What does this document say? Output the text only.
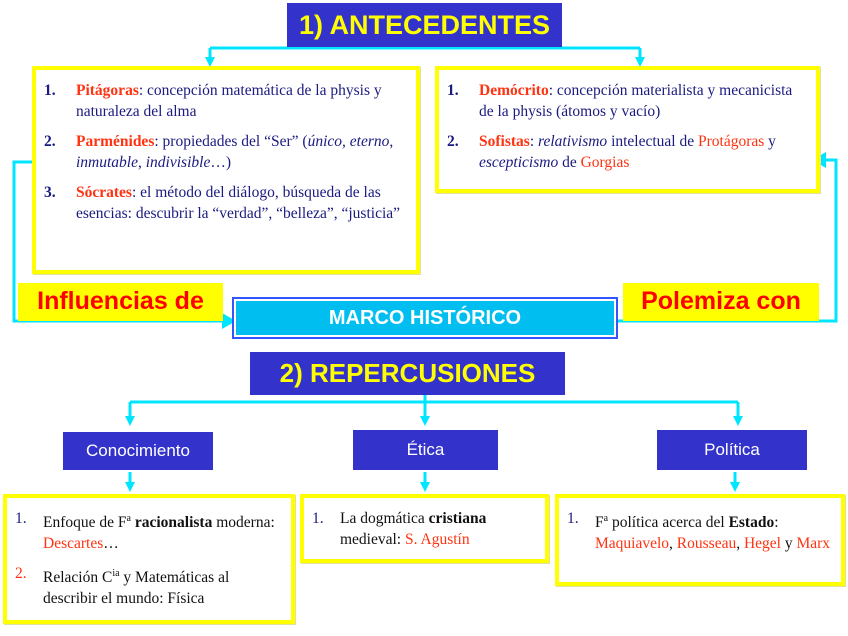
1) ANTECEDENTES
1. Pitágoras: concepción matemática de la physis y naturaleza del alma
2. Parménides: propiedades del “Ser” (único, eterno, inmutable, indivisible…)
3. Sócrates: el método del diálogo, búsqueda de las esencias: descubrir la “verdad”, “belleza”, “justicia”
1. Demócrito: concepción materialista y mecanicista de la physis (átomos y vacío)
2. Sofistas: relativismo intelectual de Protágoras y escepticismo de Gorgias
Influencias de	Polemiza con
MARCO HISTÓRICO
2) REPERCUSIONES
Conocimiento	Ética	Política
1. Enfoque de $F^a$ racionalista moderna: Descartes…
2. Relación $C^{ia}$ y Matemáticas al describir el mundo: Física
1. La dogmática cristiana medieval: S. Agustín
1. $F^a$ política acerca del Estado: Maquiavelo, Rousseau, Hegel y Marx
